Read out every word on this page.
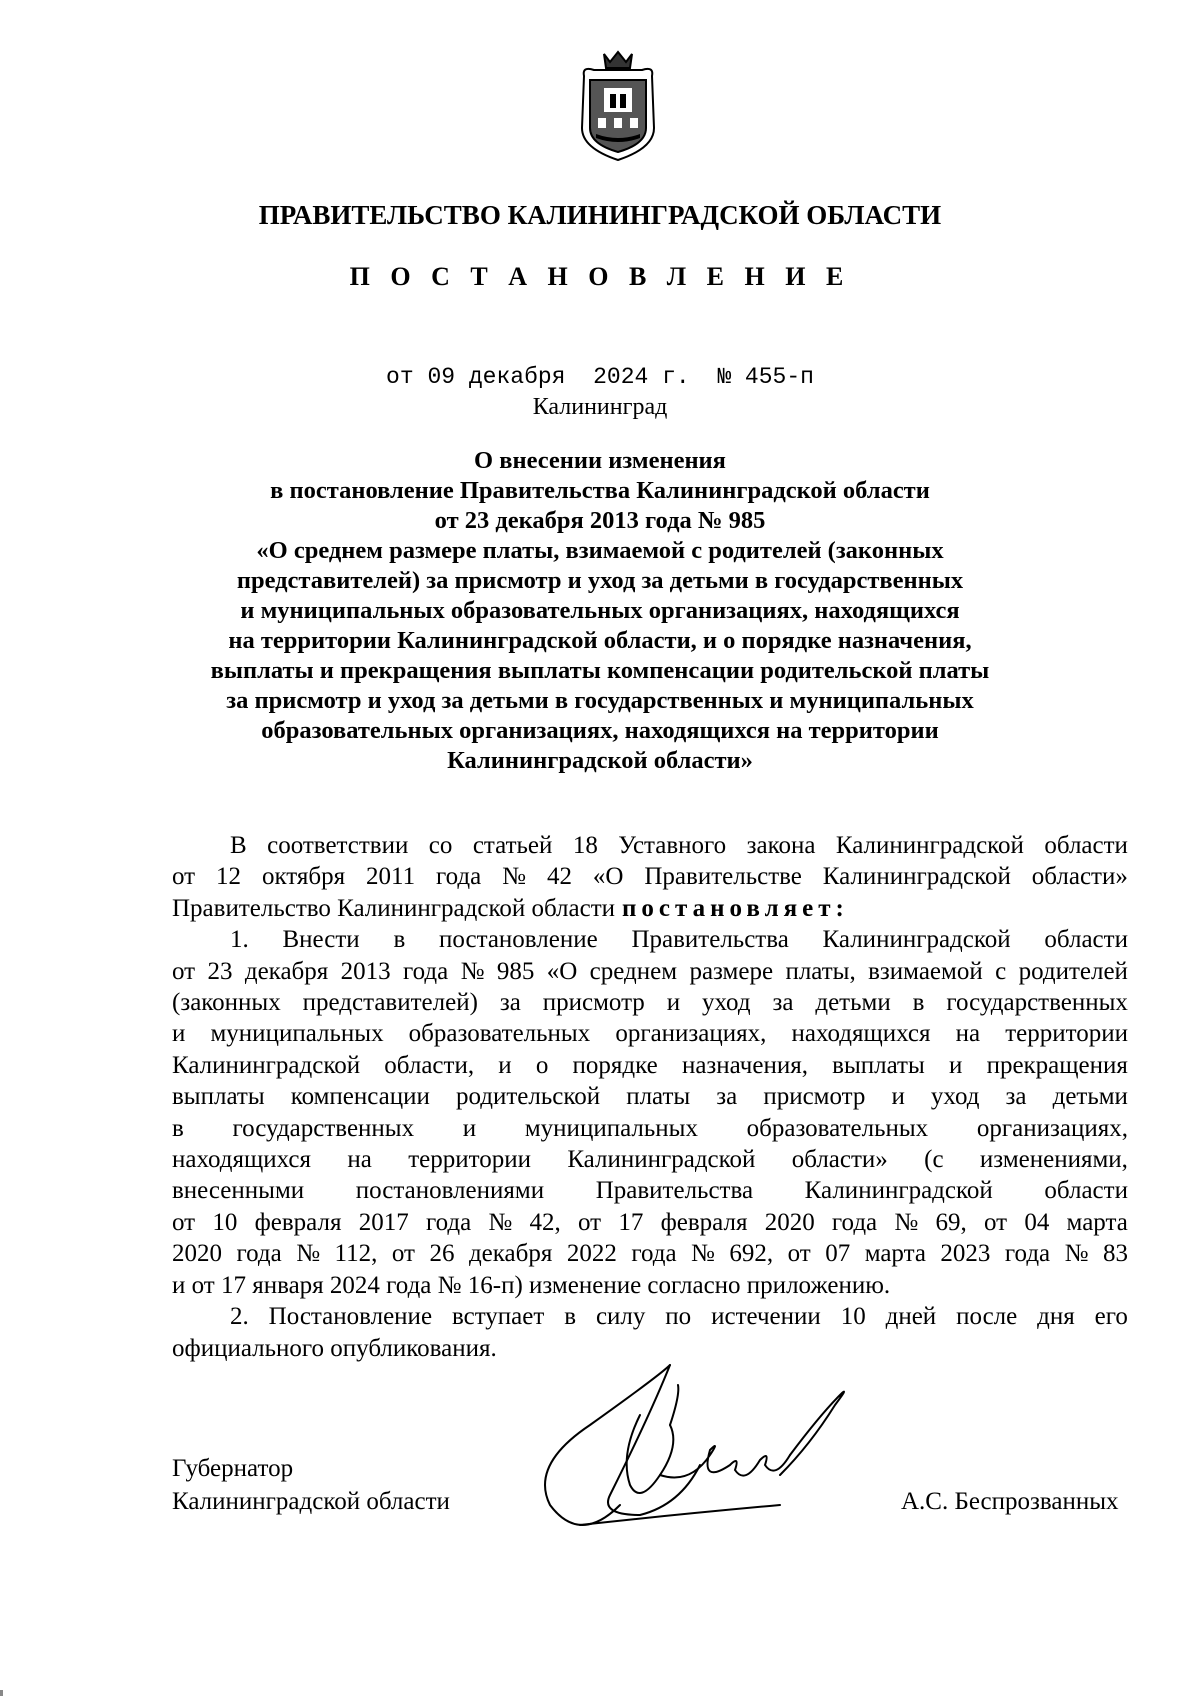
ПРАВИТЕЛЬСТВО КАЛИНИНГРАДСКОЙ ОБЛАСТИ
П О С Т А Н О В Л Е Н И Е
от 09 декабря 2024 г. № 455-п
Калининград
О внесении изменения
в постановление Правительства Калининградской области
от 23 декабря 2013 года № 985
«О среднем размере платы, взимаемой с родителей (законных
представителей) за присмотр и уход за детьми в государственных
и муниципальных образовательных организациях, находящихся
на территории Калининградской области, и о порядке назначения,
выплаты и прекращения выплаты компенсации родительской платы
за присмотр и уход за детьми в государственных и муниципальных
образовательных организациях, находящихся на территории
Калининградской области»
В соответствии со статьей 18 Уставного закона Калининградской области
от 12 октября 2011 года № 42 «О Правительстве Калининградской области»
Правительство Калининградской области постановляет:
1. Внести в постановление Правительства Калининградской области
от 23 декабря 2013 года № 985 «О среднем размере платы, взимаемой с родителей
(законных представителей) за присмотр и уход за детьми в государственных
и муниципальных образовательных организациях, находящихся на территории
Калининградской области, и о порядке назначения, выплаты и прекращения
выплаты компенсации родительской платы за присмотр и уход за детьми
в государственных и муниципальных образовательных организациях,
находящихся на территории Калининградской области» (с изменениями,
внесенными постановлениями Правительства Калининградской области
от 10 февраля 2017 года № 42, от 17 февраля 2020 года № 69, от 04 марта
2020 года № 112, от 26 декабря 2022 года № 692, от 07 марта 2023 года № 83
и от 17 января 2024 года № 16-п) изменение согласно приложению.
2. Постановление вступает в силу по истечении 10 дней после дня его
официального опубликования.
Губернатор
Калининградской области	А.С. Беспрозванных
